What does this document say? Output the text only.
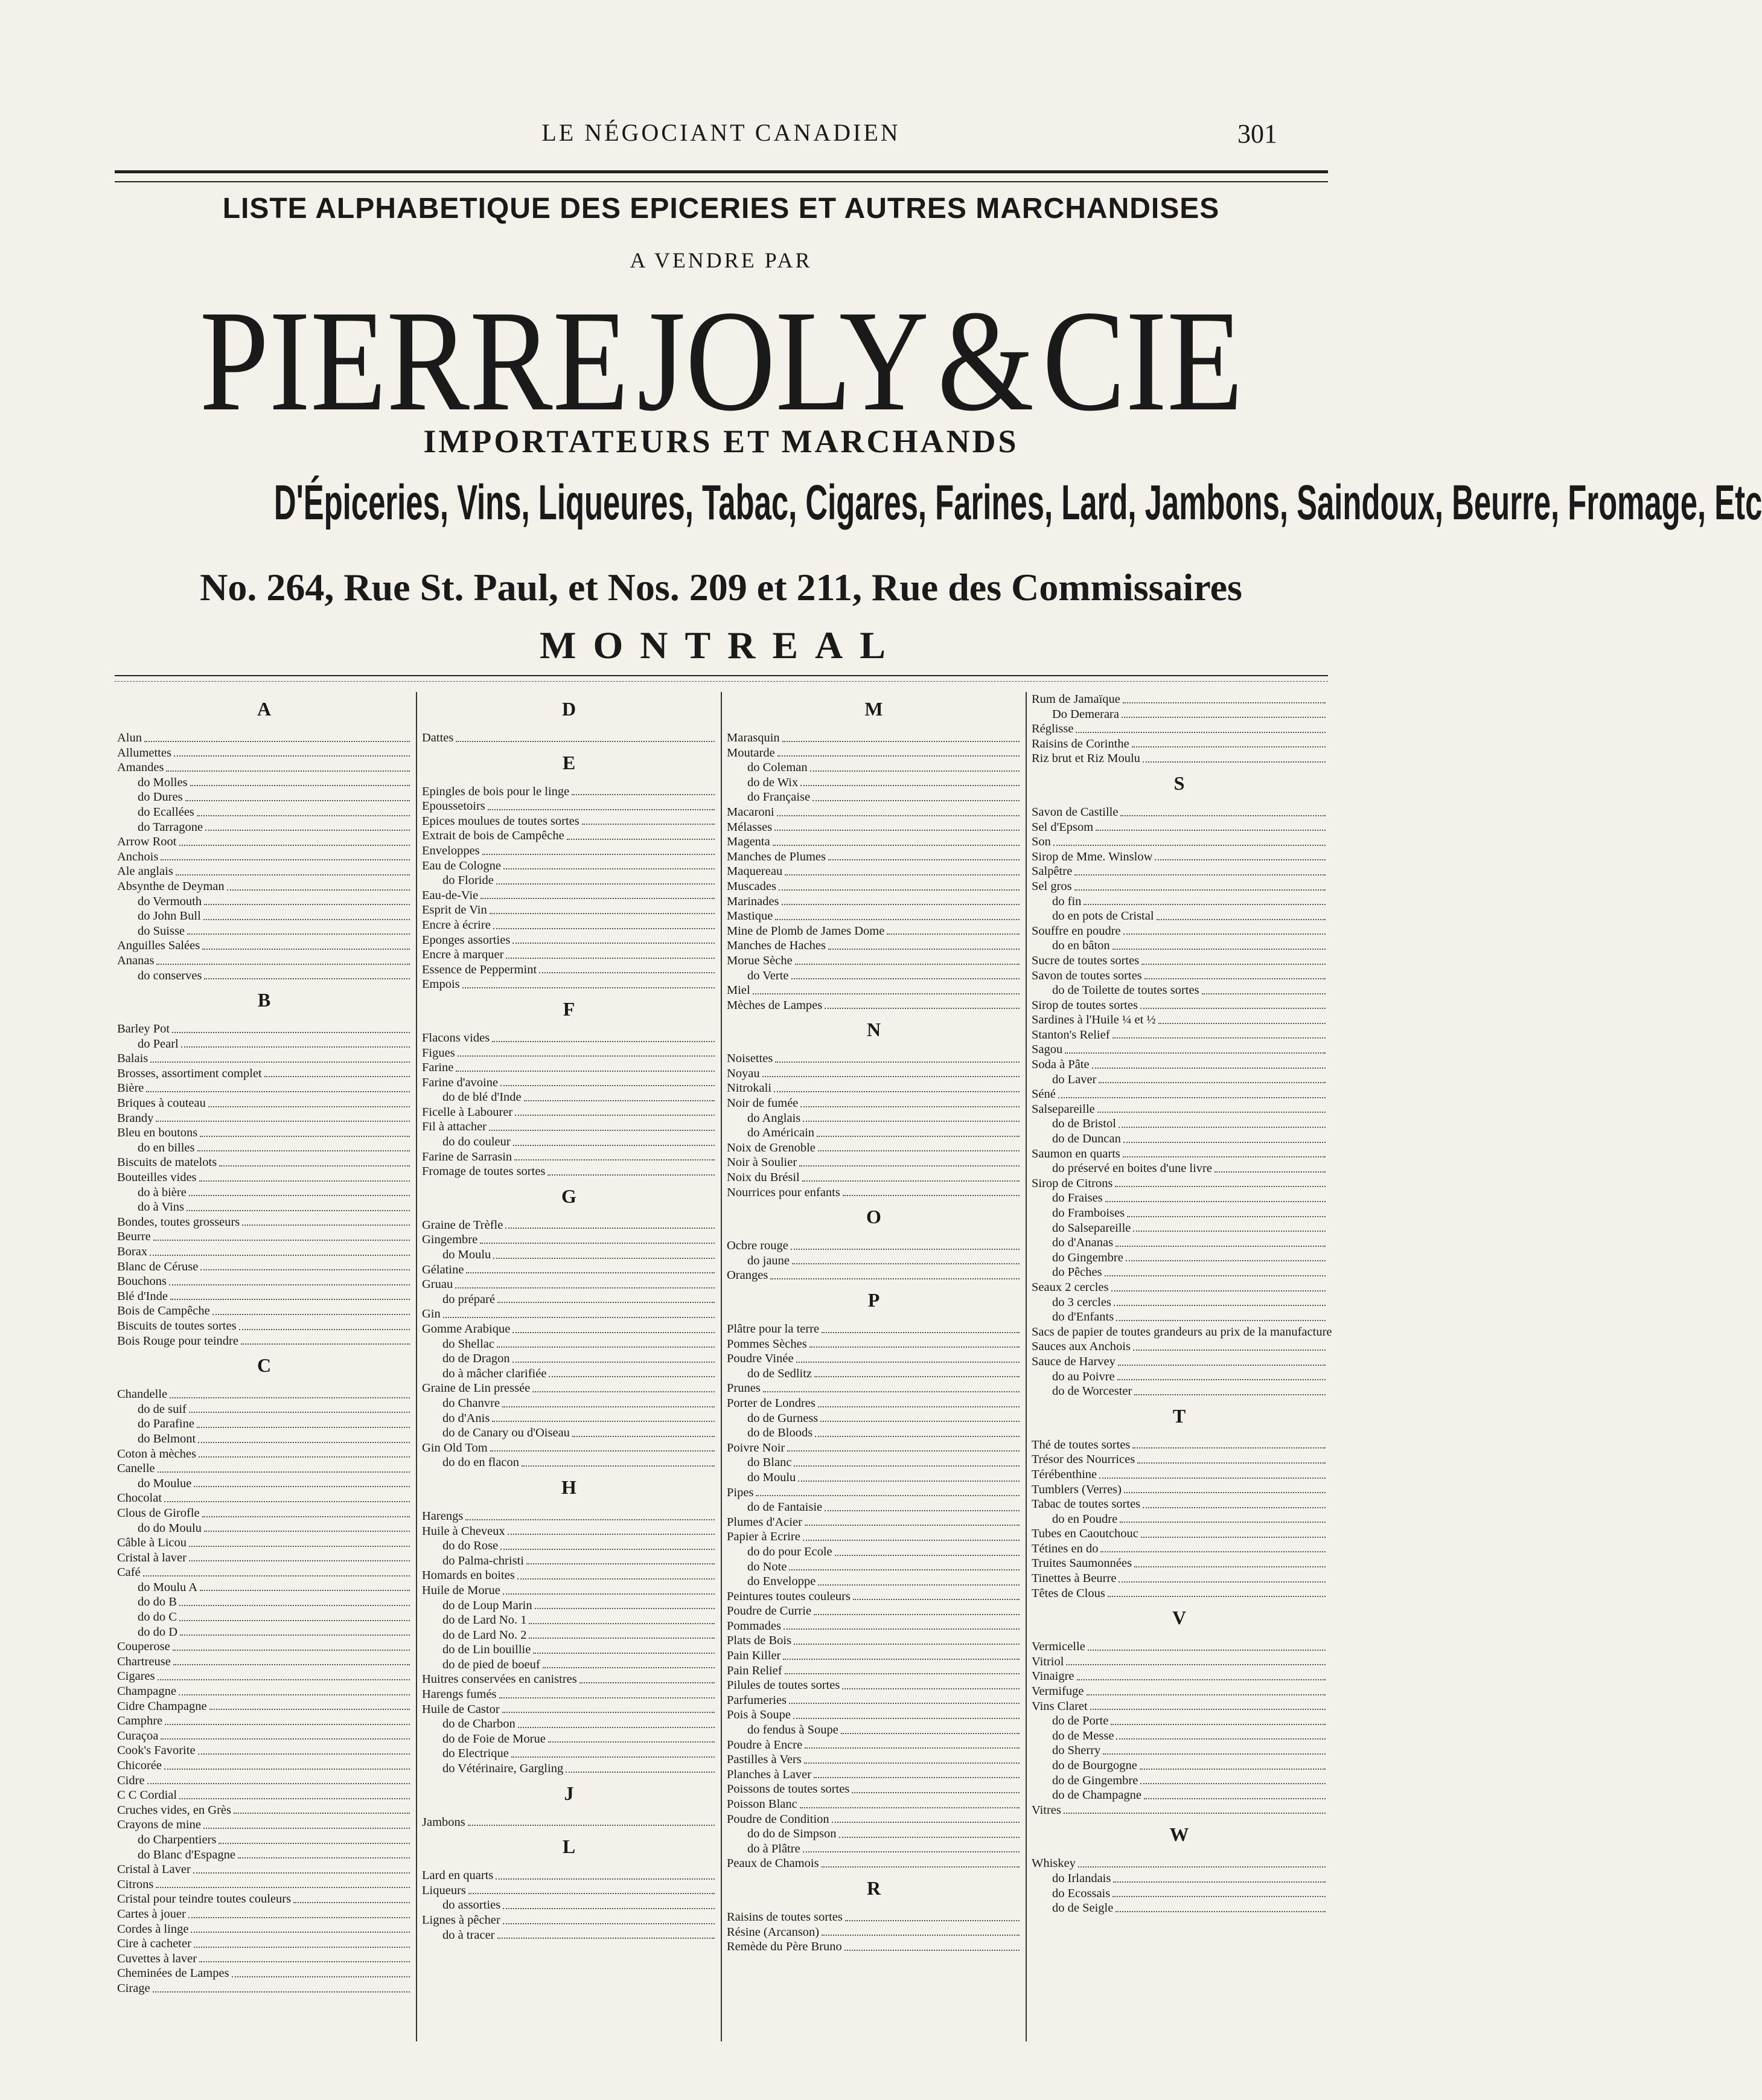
LE NÉGOCIANT CANADIEN	301
LISTE ALPHABETIQUE DES EPICERIES ET AUTRES MARCHANDISES
A VENDRE PAR
PIERRE JOLY & CIE
IMPORTATEURS ET MARCHANDS
D'Épiceries, Vins, Liqueures, Tabac, Cigares, Farines, Lard, Jambons, Saindoux, Beurre, Fromage, Etc
No. 264, Rue St. Paul, et Nos. 209 et 211, Rue des Commissaires
MONTREAL
A
Alun
Allumettes
Amandes
do Molles
do Dures
do Ecallées
do Tarragone
Arrow Root
Anchois
Ale anglais
Absynthe de Deyman
do Vermouth
do John Bull
do Suisse
Anguilles Salées
Ananas
do conserves
B
Barley Pot
do Pearl
Balais
Brosses, assortiment complet
Bière
Briques à couteau
Brandy
Bleu en boutons
do en billes
Biscuits de matelots
Bouteilles vides
do à bière
do à Vins
Bondes, toutes grosseurs
Beurre
Borax
Blanc de Céruse
Bouchons
Blé d'Inde
Bois de Campêche
Biscuits de toutes sortes
Bois Rouge pour teindre
C
Chandelle
do de suif
do Parafine
do Belmont
Coton à mèches
Canelle
do Moulue
Chocolat
Clous de Girofle
do do Moulu
Câble à Licou
Cristal à laver
Café
do Moulu A
do do B
do do C
do do D
Couperose
Chartreuse
Cigares
Champagne
Cidre Champagne
Camphre
Curaçoa
Cook's Favorite
Chicorée
Cidre
C C Cordial
Cruches vides, en Grès
Crayons de mine
do Charpentiers
do Blanc d'Espagne
Cristal à Laver
Citrons
Cristal pour teindre toutes couleurs
Cartes à jouer
Cordes à linge
Cire à cacheter
Cuvettes à laver
Cheminées de Lampes
Cirage
D
Dattes
E
Epingles de bois pour le linge
Epoussetoirs
Epices moulues de toutes sortes
Extrait de bois de Campêche
Enveloppes
Eau de Cologne
do Floride
Eau-de-Vie
Esprit de Vin
Encre à écrire
Eponges assorties
Encre à marquer
Essence de Peppermint
Empois
F
Flacons vides
Figues
Farine
Farine d'avoine
do de blé d'Inde
Ficelle à Labourer
Fil à attacher
do do couleur
Farine de Sarrasin
Fromage de toutes sortes
G
Graine de Trèfle
Gingembre
do Moulu
Gélatine
Gruau
do préparé
Gin
Gomme Arabique
do Shellac
do de Dragon
do à mâcher clarifiée
Graine de Lin pressée
do Chanvre
do d'Anis
do de Canary ou d'Oiseau
Gin Old Tom
do do en flacon
H
Harengs
Huile à Cheveux
do do Rose
do Palma-christi
Homards en boites
Huile de Morue
do de Loup Marin
do de Lard No. 1
do de Lard No. 2
do de Lin bouillie
do de pied de boeuf
Huitres conservées en canistres
Harengs fumés
Huile de Castor
do de Charbon
do de Foie de Morue
do Electrique
do Vétérinaire, Gargling
J
Jambons
L
Lard en quarts
Liqueurs
do assorties
Lignes à pêcher
do à tracer
M
Marasquin
Moutarde
do Coleman
do de Wix
do Française
Macaroni
Mélasses
Magenta
Manches de Plumes
Maquereau
Muscades
Marinades
Mastique
Mine de Plomb de James Dome
Manches de Haches
Morue Sèche
do Verte
Miel
Mèches de Lampes
N
Noisettes
Noyau
Nitrokali
Noir de fumée
do Anglais
do Américain
Noix de Grenoble
Noir à Soulier
Noix du Brésil
Nourrices pour enfants
O
Ocbre rouge
do jaune
Oranges
P
Plâtre pour la terre
Pommes Sèches
Poudre Vinée
do de Sedlitz
Prunes
Porter de Londres
do de Gurness
do de Bloods
Poivre Noir
do Blanc
do Moulu
Pipes
do de Fantaisie
Plumes d'Acier
Papier à Ecrire
do do pour Ecole
do Note
do Enveloppe
Peintures toutes couleurs
Poudre de Currie
Pommades
Plats de Bois
Pain Killer
Pain Relief
Pilules de toutes sortes
Parfumeries
Pois à Soupe
do fendus à Soupe
Poudre à Encre
Pastilles à Vers
Planches à Laver
Poissons de toutes sortes
Poisson Blanc
Poudre de Condition
do do de Simpson
do à Plâtre
Peaux de Chamois
R
Raisins de toutes sortes
Résine (Arcanson)
Remède du Père Bruno
Rum de Jamaïque
Do Demerara
Réglisse
Raisins de Corinthe
Riz brut et Riz Moulu
S
Savon de Castille
Sel d'Epsom
Son
Sirop de Mme. Winslow
Salpêtre
Sel gros
do fin
do en pots de Cristal
Souffre en poudre
do en bâton
Sucre de toutes sortes
Savon de toutes sortes
do de Toilette de toutes sortes
Sirop de toutes sortes
Sardines à l'Huile ¼ et ½
Stanton's Relief
Sagou
Soda à Pâte
do Laver
Séné
Salsepareille
do de Bristol
do de Duncan
Saumon en quarts
do préservé en boites d'une livre
Sirop de Citrons
do Fraises
do Framboises
do Salsepareille
do d'Ananas
do Gingembre
do Pêches
Seaux 2 cercles
do 3 cercles
do d'Enfants
Sacs de papier de toutes grandeurs au prix de la manufacture
Sauces aux Anchois
Sauce de Harvey
do au Poivre
do de Worcester
T
Thé de toutes sortes
Trésor des Nourrices
Térébenthine
Tumblers (Verres)
Tabac de toutes sortes
do en Poudre
Tubes en Caoutchouc
Tétines en do
Truites Saumonnées
Tinettes à Beurre
Têtes de Clous
V
Vermicelle
Vitriol
Vinaigre
Vermifuge
Vins Claret
do de Porte
do de Messe
do Sherry
do de Bourgogne
do de Gingembre
do de Champagne
Vitres
W
Whiskey
do Irlandais
do Ecossais
do de Seigle
